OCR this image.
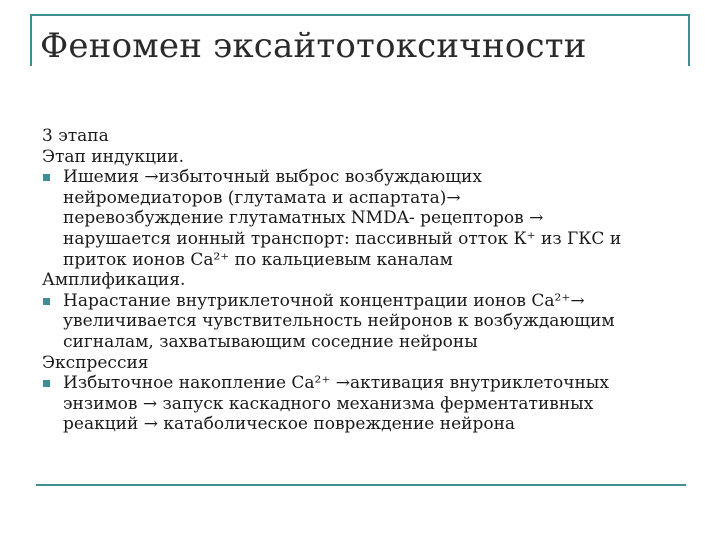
Феномен эксайтотоксичности
3 этапа
Этап индукции.
Ишемия →избыточный выброс возбуждающих
нейромедиаторов (глутамата и аспартата)→
перевозбуждение глутаматных NMDA- рецепторов →
нарушается ионный транспорт: пассивный отток К⁺ из ГКС и
приток ионов Са²⁺ по кальциевым каналам
Амплификация.
Нарастание внутриклеточной концентрации ионов Са²⁺→
увеличивается чувствительность нейронов к возбуждающим
сигналам, захватывающим соседние нейроны
Экспрессия
Избыточное накопление Са²⁺ →активация внутриклеточных
энзимов → запуск каскадного механизма ферментативных
реакций → катаболическое повреждение нейрона
